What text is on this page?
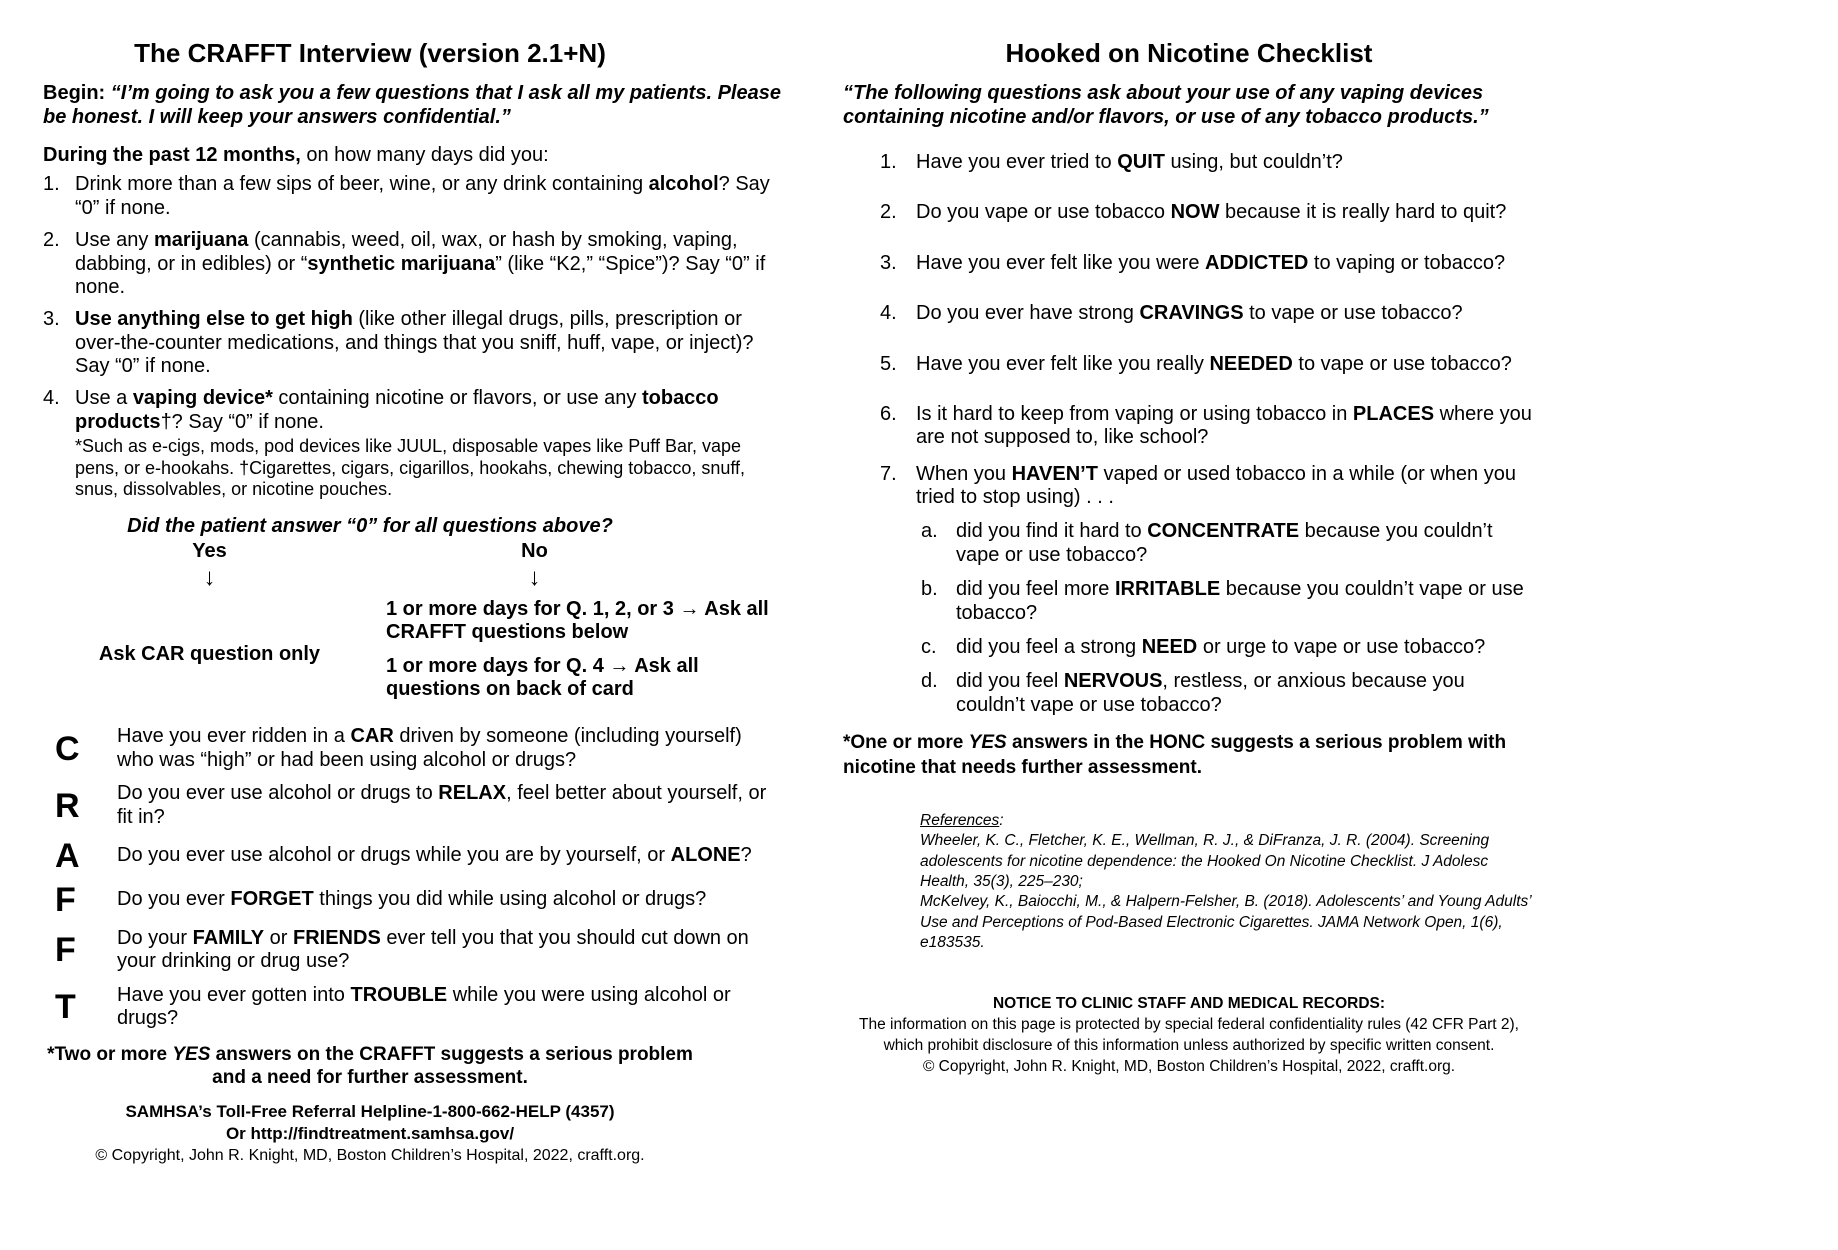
The CRAFFT Interview (version 2.1+N)

Begin: “I’m going to ask you a few questions that I ask all my patients. Please be honest. I will keep your answers confidential.”

During the past 12 months, on how many days did you:

1. Drink more than a few sips of beer, wine, or any drink containing alcohol? Say “0” if none.
2. Use any marijuana (cannabis, weed, oil, wax, or hash by smoking, vaping, dabbing, or in edibles) or “synthetic marijuana” (like “K2,” “Spice”)? Say “0” if none.
3. Use anything else to get high (like other illegal drugs, pills, prescription or over-the-counter medications, and things that you sniff, huff, vape, or inject)? Say “0” if none.
4. Use a vaping device* containing nicotine or flavors, or use any tobacco products†? Say “0” if none.
*Such as e-cigs, mods, pod devices like JUUL, disposable vapes like Puff Bar, vape pens, or e-hookahs. †Cigarettes, cigars, cigarillos, hookahs, chewing tobacco, snuff, snus, dissolvables, or nicotine pouches.

Did the patient answer “0” for all questions above?

Yes
↓
Ask CAR question only
No
↓

1 or more days for Q. 1, 2, or 3 → Ask all CRAFFT questions below

1 or more days for Q. 4 → Ask all questions on back of card

C	Have you ever ridden in a CAR driven by someone (including yourself) who was “high” or had been using alcohol or drugs?
R	Do you ever use alcohol or drugs to RELAX, feel better about yourself, or fit in?
A	Do you ever use alcohol or drugs while you are by yourself, or ALONE?
F	Do you ever FORGET things you did while using alcohol or drugs?
F	Do your FAMILY or FRIENDS ever tell you that you should cut down on your drinking or drug use?
T	Have you ever gotten into TROUBLE while you were using alcohol or drugs?

*Two or more YES answers on the CRAFFT suggests a serious problem and a need for further assessment.

SAMHSA’s Toll-Free Referral Helpline-1-800-662-HELP (4357)

Or http://findtreatment.samhsa.gov/

© Copyright, John R. Knight, MD, Boston Children’s Hospital, 2022, crafft.org.

Hooked on Nicotine Checklist

“The following questions ask about your use of any vaping devices containing nicotine and/or flavors, or use of any tobacco products.”

1. Have you ever tried to QUIT using, but couldn’t?
2. Do you vape or use tobacco NOW because it is really hard to quit?
3. Have you ever felt like you were ADDICTED to vaping or tobacco?
4. Do you ever have strong CRAVINGS to vape or use tobacco?
5. Have you ever felt like you really NEEDED to vape or use tobacco?
6. Is it hard to keep from vaping or using tobacco in PLACES where you are not supposed to, like school?
7. When you HAVEN’T vaped or used tobacco in a while (or when you tried to stop using) . . .
a. did you find it hard to CONCENTRATE because you couldn’t vape or use tobacco?
b. did you feel more IRRITABLE because you couldn’t vape or use tobacco?
c. did you feel a strong NEED or urge to vape or use tobacco?
d. did you feel NERVOUS, restless, or anxious because you couldn’t vape or use tobacco?

*One or more YES answers in the HONC suggests a serious problem with nicotine that needs further assessment.

References:

Wheeler, K. C., Fletcher, K. E., Wellman, R. J., & DiFranza, J. R. (2004). Screening adolescents for nicotine dependence: the Hooked On Nicotine Checklist. J Adolesc Health, 35(3), 225–230;

McKelvey, K., Baiocchi, M., & Halpern-Felsher, B. (2018). Adolescents’ and Young Adults’ Use and Perceptions of Pod-Based Electronic Cigarettes. JAMA Network Open, 1(6), e183535.

NOTICE TO CLINIC STAFF AND MEDICAL RECORDS:

The information on this page is protected by special federal confidentiality rules (42 CFR Part 2), which prohibit disclosure of this information unless authorized by specific written consent.

© Copyright, John R. Knight, MD, Boston Children’s Hospital, 2022, crafft.org.
